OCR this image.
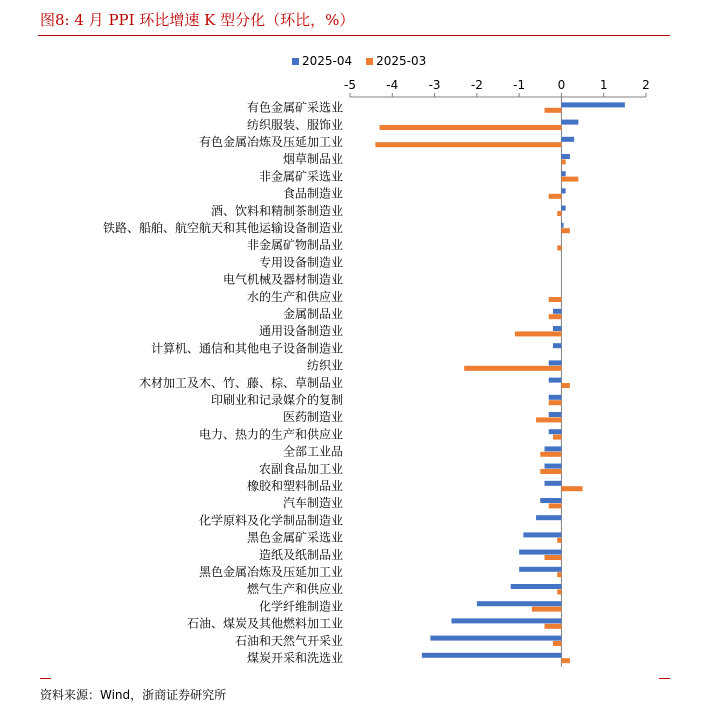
图8: 4 月 PPI 环比增速 K 型分化（环比，%）
2025-04 2025-03
-5	-4	-3	-2	-1	0	1	2
有色金属矿采选业
纺织服装、服饰业
有色金属冶炼及压延加工业
烟草制品业
非金属矿采选业
食品制造业
酒、饮料和精制茶制造业
铁路、船舶、航空航天和其他运输设备制造业
非金属矿物制品业
专用设备制造业
电气机械及器材制造业
水的生产和供应业
金属制品业
通用设备制造业
计算机、通信和其他电子设备制造业
纺织业
木材加工及木、竹、藤、棕、草制品业
印刷业和记录媒介的复制
医药制造业
电力、热力的生产和供应业
全部工业品
农副食品加工业
橡胶和塑料制品业
汽车制造业
化学原料及化学制品制造业
黑色金属矿采选业
造纸及纸制品业
黑色金属冶炼及压延加工业
燃气生产和供应业
化学纤维制造业
石油、煤炭及其他燃料加工业
石油和天然气开采业
煤炭开采和洗选业
资料来源：Wind，浙商证券研究所
